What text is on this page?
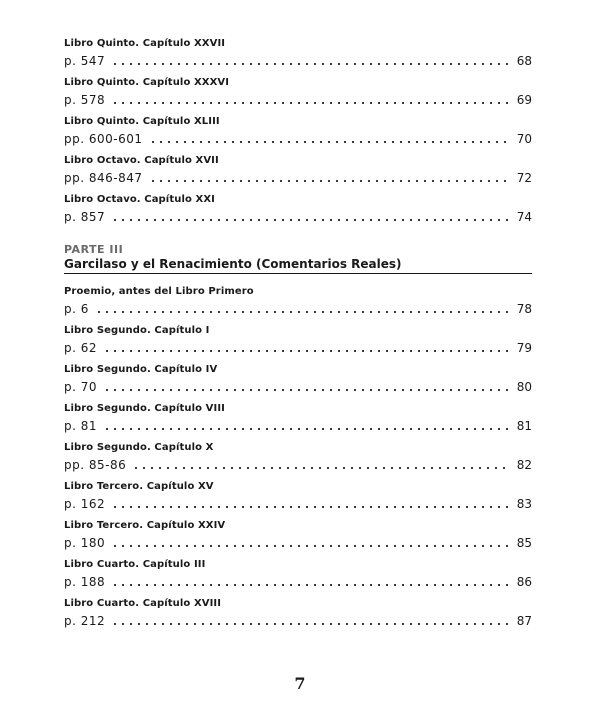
Libro Quinto. Capítulo XXVII
p. 547	68
Libro Quinto. Capítulo XXXVI
p. 578	69
Libro Quinto. Capítulo XLIII
pp. 600-601	70
Libro Octavo. Capítulo XVII
pp. 846-847	72
Libro Octavo. Capítulo XXI
p. 857	74
PARTE III
Garcilaso y el Renacimiento (Comentarios Reales)
Proemio, antes del Libro Primero
p. 6	78
Libro Segundo. Capítulo I
p. 62	79
Libro Segundo. Capítulo IV
p. 70	80
Libro Segundo. Capítulo VIII
p. 81	81
Libro Segundo. Capítulo X
pp. 85-86	82
Libro Tercero. Capítulo XV
p. 162	83
Libro Tercero. Capítulo XXIV
p. 180	85
Libro Cuarto. Capítulo III
p. 188	86
Libro Cuarto. Capítulo XVIII
p. 212	87
7
